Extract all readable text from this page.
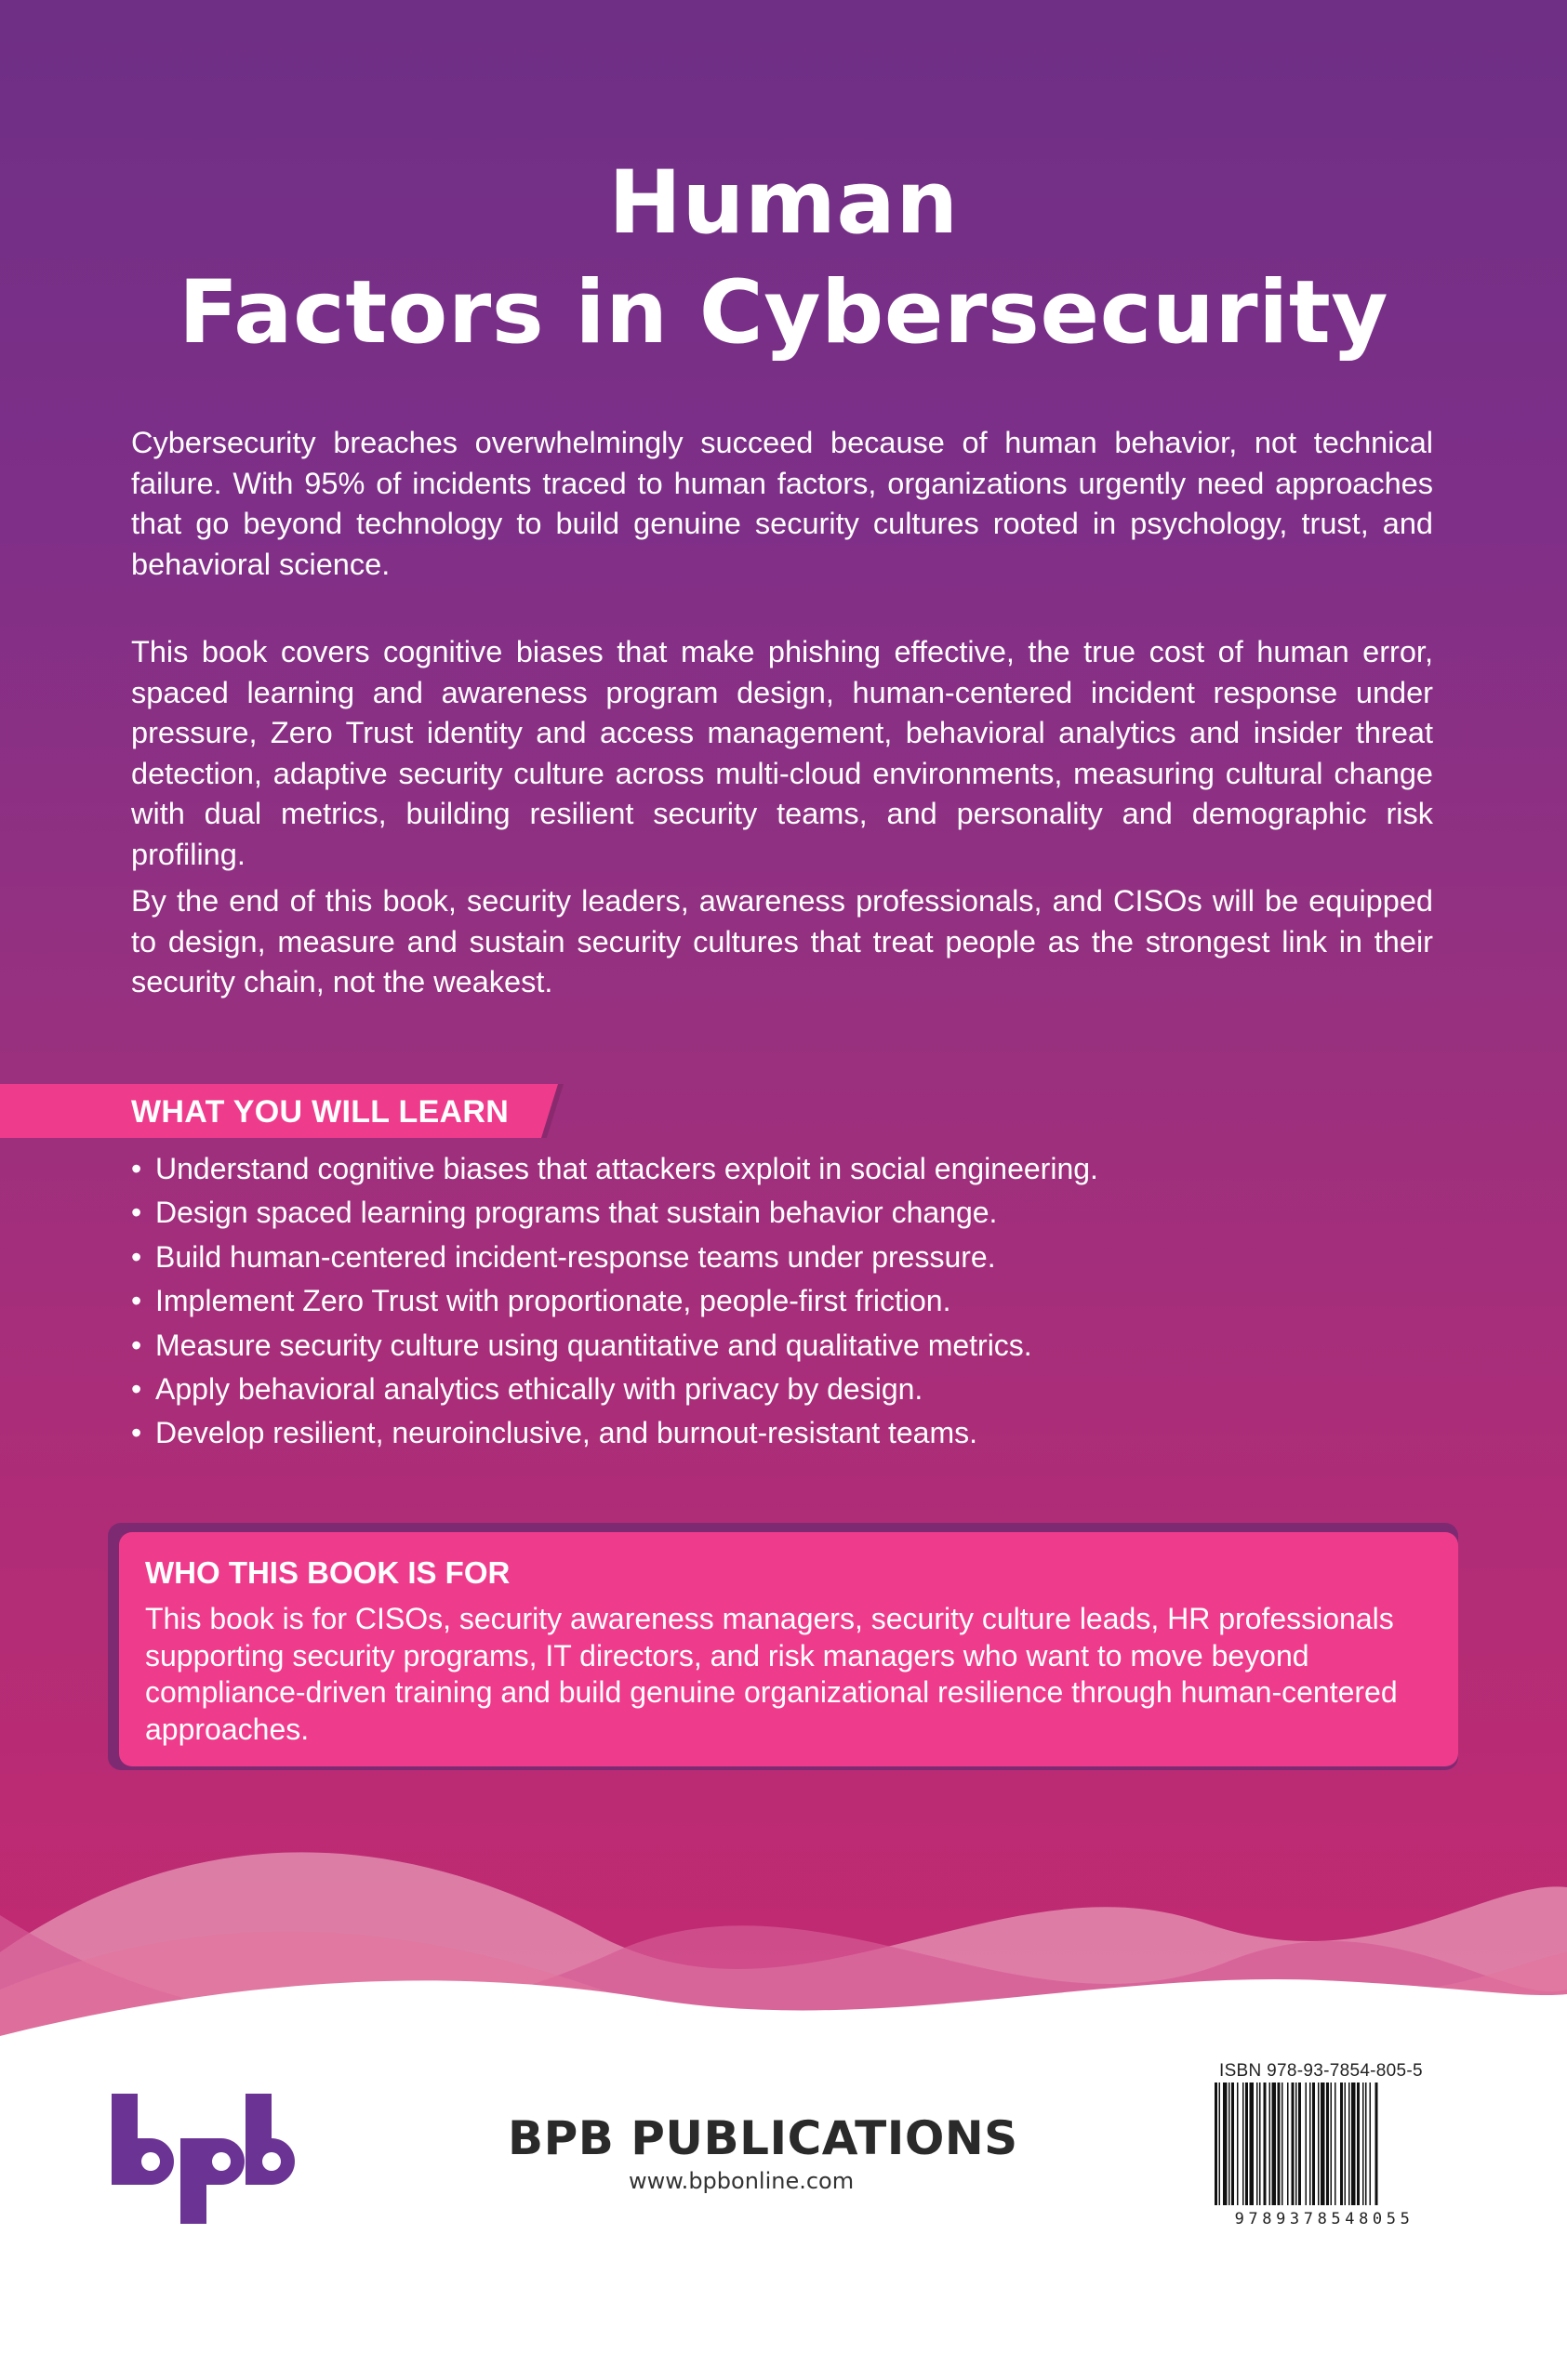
Human
Factors in Cybersecurity

Cybersecurity breaches overwhelmingly succeed because of human behavior, not technical failure. With 95% of incidents traced to human factors, organizations urgently need approaches that go beyond technology to build genuine security cultures rooted in psychology, trust, and behavioral science.

This book covers cognitive biases that make phishing effective, the true cost of human error, spaced learning and awareness program design, human-centered incident response under pressure, Zero Trust identity and access management, behavioral analytics and insider threat detection, adaptive security culture across multi-cloud environments, measuring cultural change with dual metrics, building resilient security teams, and personality and demographic risk profiling.

By the end of this book, security leaders, awareness professionals, and CISOs will be equipped to design, measure and sustain security cultures that treat people as the strongest link in their security chain, not the weakest.

WHAT YOU WILL LEARN
• Understand cognitive biases that attackers exploit in social engineering.
• Design spaced learning programs that sustain behavior change.
• Build human-centered incident-response teams under pressure.
• Implement Zero Trust with proportionate, people-first friction.
• Measure security culture using quantitative and qualitative metrics.
• Apply behavioral analytics ethically with privacy by design.
• Develop resilient, neuroinclusive, and burnout-resistant teams.
WHO THIS BOOK IS FOR
This book is for CISOs, security awareness managers, security culture leads, HR professionals supporting security programs, IT directors, and risk managers who want to move beyond compliance-driven training and build genuine organizational resilience through human-centered approaches.
BPB PUBLICATIONS
www.bpbonline.com
ISBN 978-93-7854-805-5
9789378548055
